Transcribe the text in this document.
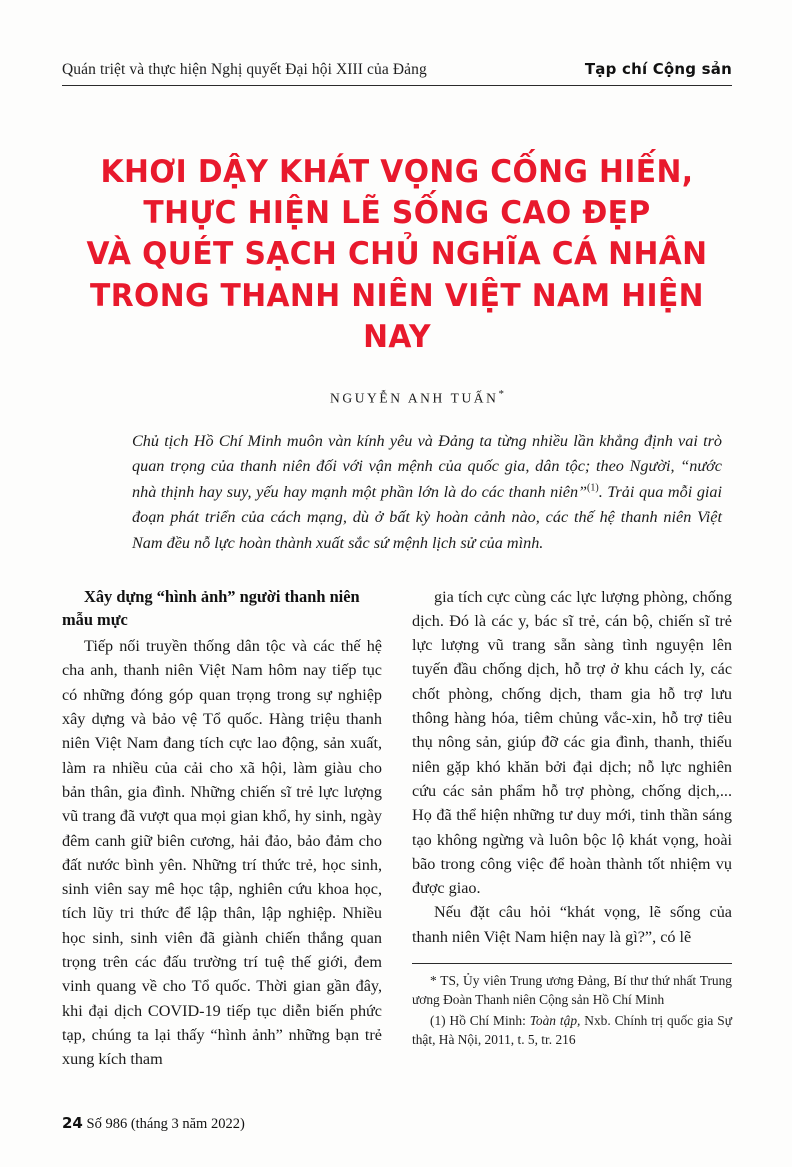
Quán triệt và thực hiện Nghị quyết Đại hội XIII của Đảng	Tạp chí Cộng sản
KHƠI DẬY KHÁT VỌNG CỐNG HIẾN,
THỰC HIỆN LẼ SỐNG CAO ĐẸP
VÀ QUÉT SẠCH CHỦ NGHĨA CÁ NHÂN
TRONG THANH NIÊN VIỆT NAM HIỆN NAY
NGUYỄN ANH TUẤN*
Chủ tịch Hồ Chí Minh muôn vàn kính yêu và Đảng ta từng nhiều lần khẳng định vai trò quan trọng của thanh niên đối với vận mệnh của quốc gia, dân tộc; theo Người, “nước nhà thịnh hay suy, yếu hay mạnh một phần lớn là do các thanh niên”$^{(1)}$. Trải qua mỗi giai đoạn phát triển của cách mạng, dù ở bất kỳ hoàn cảnh nào, các thế hệ thanh niên Việt Nam đều nỗ lực hoàn thành xuất sắc sứ mệnh lịch sử của mình.
Xây dựng “hình ảnh” người thanh niên mẫu mực

Tiếp nối truyền thống dân tộc và các thế hệ cha anh, thanh niên Việt Nam hôm nay tiếp tục có những đóng góp quan trọng trong sự nghiệp xây dựng và bảo vệ Tổ quốc. Hàng triệu thanh niên Việt Nam đang tích cực lao động, sản xuất, làm ra nhiều của cải cho xã hội, làm giàu cho bản thân, gia đình. Những chiến sĩ trẻ lực lượng vũ trang đã vượt qua mọi gian khổ, hy sinh, ngày đêm canh giữ biên cương, hải đảo, bảo đảm cho đất nước bình yên. Những trí thức trẻ, học sinh, sinh viên say mê học tập, nghiên cứu khoa học, tích lũy tri thức để lập thân, lập nghiệp. Nhiều học sinh, sinh viên đã giành chiến thắng quan trọng trên các đấu trường trí tuệ thế giới, đem vinh quang về cho Tổ quốc. Thời gian gần đây, khi đại dịch COVID-19 tiếp tục diễn biến phức tạp, chúng ta lại thấy “hình ảnh” những bạn trẻ xung kích tham

gia tích cực cùng các lực lượng phòng, chống dịch. Đó là các y, bác sĩ trẻ, cán bộ, chiến sĩ trẻ lực lượng vũ trang sẵn sàng tình nguyện lên tuyến đầu chống dịch, hỗ trợ ở khu cách ly, các chốt phòng, chống dịch, tham gia hỗ trợ lưu thông hàng hóa, tiêm chủng vắc-xin, hỗ trợ tiêu thụ nông sản, giúp đỡ các gia đình, thanh, thiếu niên gặp khó khăn bởi đại dịch; nỗ lực nghiên cứu các sản phẩm hỗ trợ phòng, chống dịch,... Họ đã thể hiện những tư duy mới, tinh thần sáng tạo không ngừng và luôn bộc lộ khát vọng, hoài bão trong công việc để hoàn thành tốt nhiệm vụ được giao.

Nếu đặt câu hỏi “khát vọng, lẽ sống của thanh niên Việt Nam hiện nay là gì?”, có lẽ

* TS, Ủy viên Trung ương Đảng, Bí thư thứ nhất Trung ương Đoàn Thanh niên Cộng sản Hồ Chí Minh

(1) Hồ Chí Minh: Toàn tập, Nxb. Chính trị quốc gia Sự thật, Hà Nội, 2011, t. 5, tr. 216

24 Số 986 (tháng 3 năm 2022)
